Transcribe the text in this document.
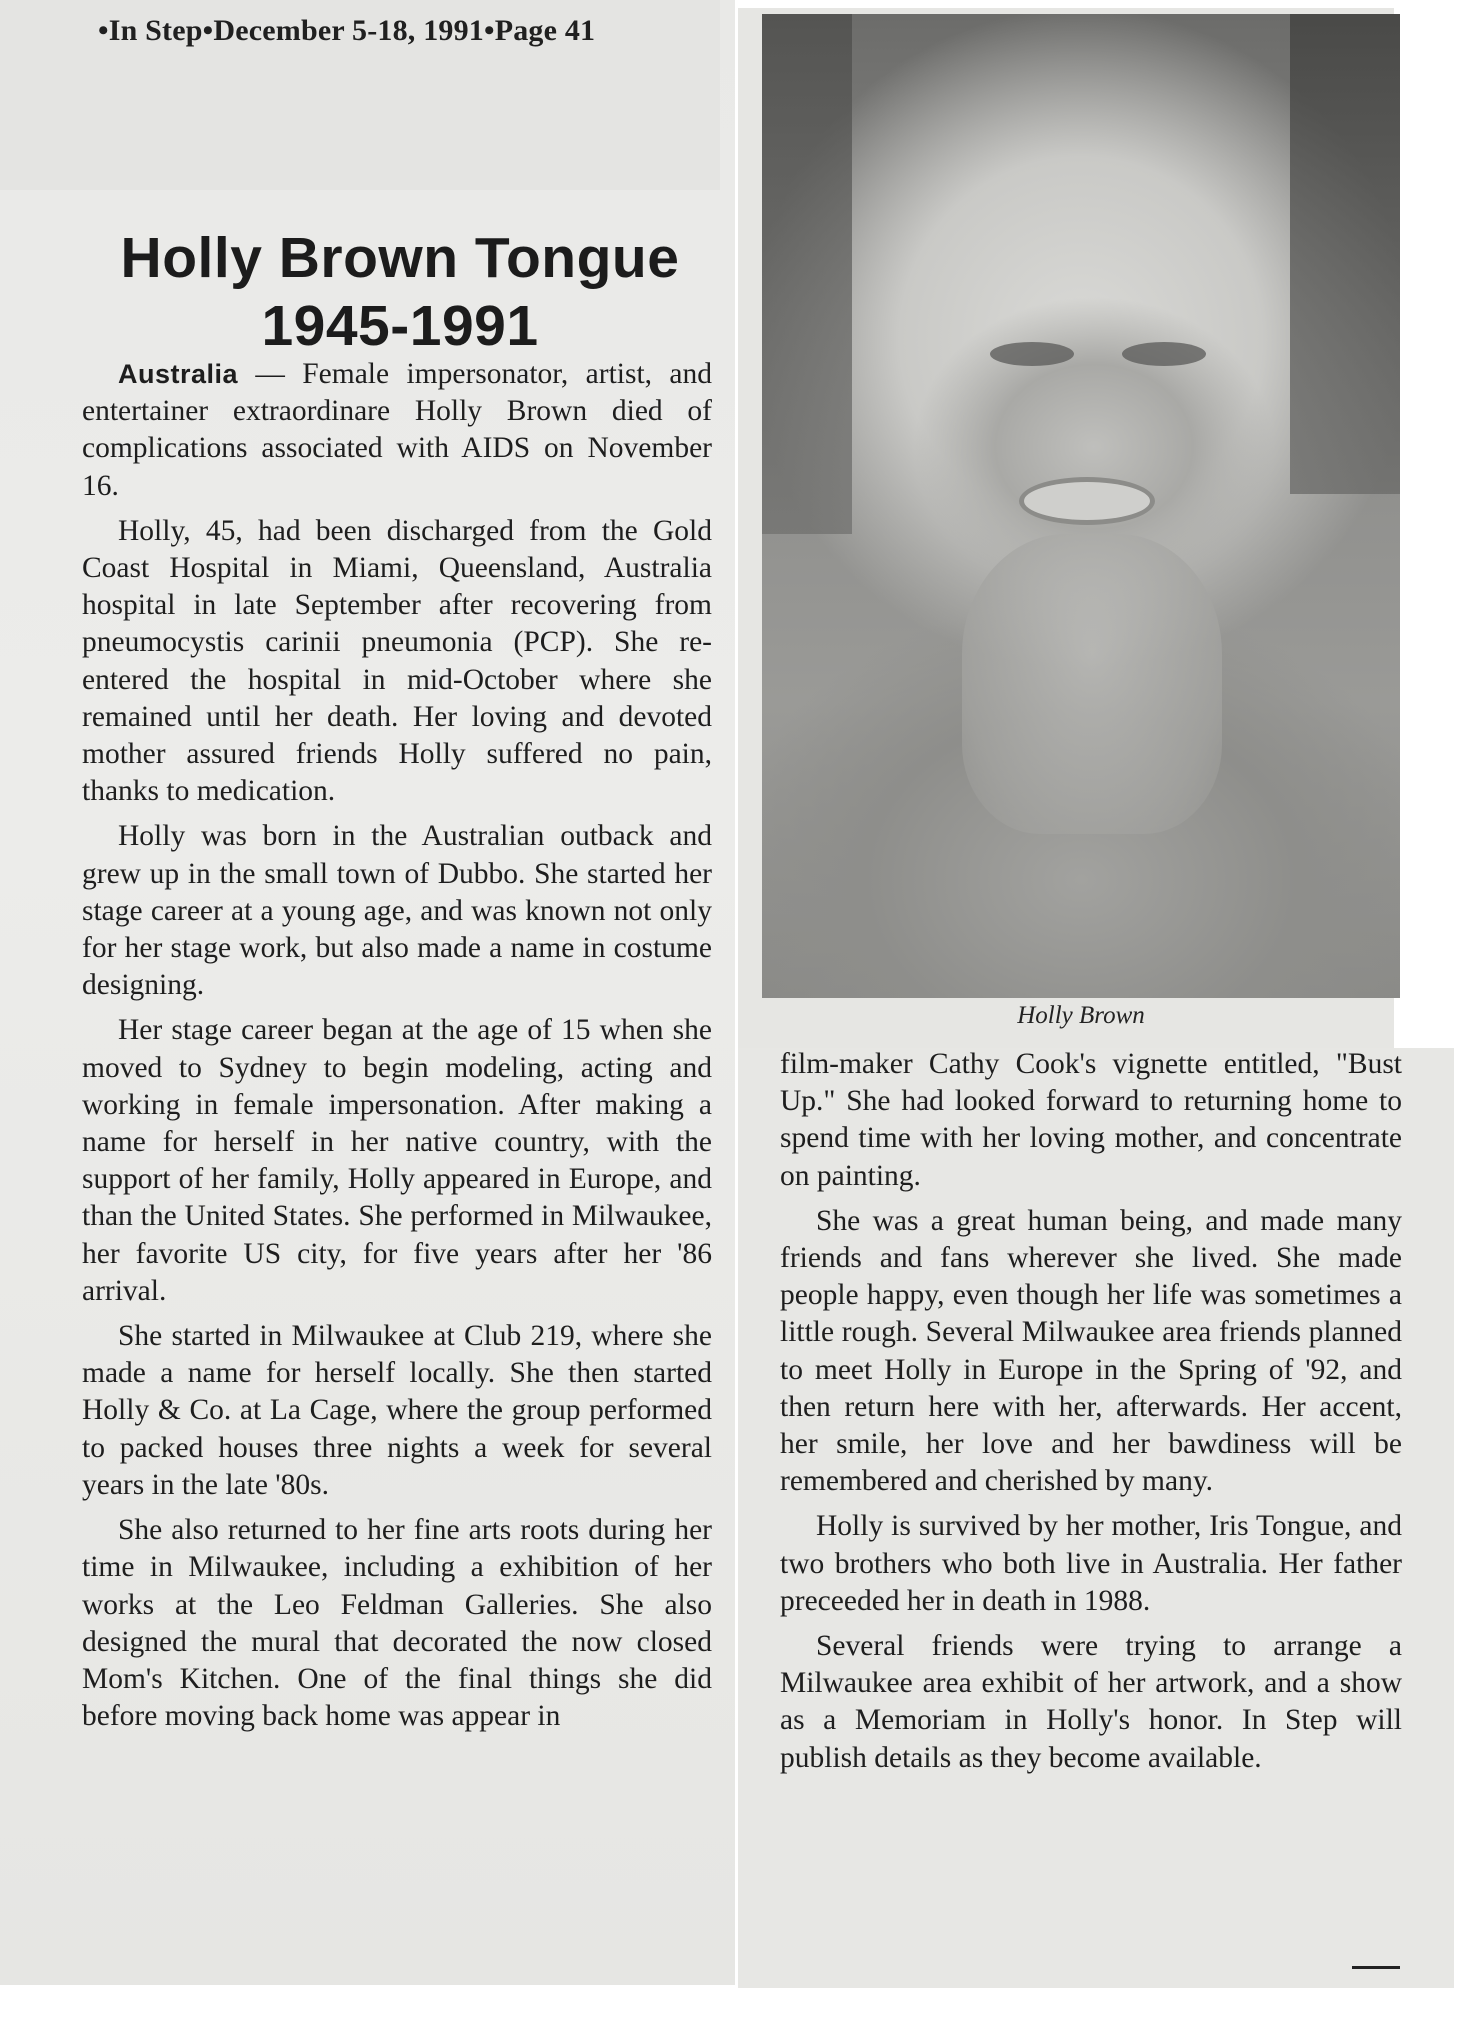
•In Step•December 5-18, 1991•Page 41
Holly Brown Tongue
1945-1991

Australia — Female impersonator, artist, and entertainer extraordinare Holly Brown died of complications associated with AIDS on November 16.

Holly, 45, had been discharged from the Gold Coast Hospital in Miami, Queensland, Australia hospital in late September after recovering from pneumocystis carinii pneumonia (PCP). She re-entered the hospital in mid-October where she remained until her death. Her loving and devoted mother assured friends Holly suffered no pain, thanks to medication.

Holly was born in the Australian outback and grew up in the small town of Dubbo. She started her stage career at a young age, and was known not only for her stage work, but also made a name in costume designing.

Her stage career began at the age of 15 when she moved to Sydney to begin modeling, acting and working in female impersonation. After making a name for herself in her native country, with the support of her family, Holly appeared in Europe, and than the United States. She performed in Milwaukee, her favorite US city, for five years after her '86 arrival.

She started in Milwaukee at Club 219, where she made a name for herself locally. She then started Holly & Co. at La Cage, where the group performed to packed houses three nights a week for several years in the late '80s.

She also returned to her fine arts roots during her time in Milwaukee, including a exhibition of her works at the Leo Feldman Galleries. She also designed the mural that decorated the now closed Mom's Kitchen. One of the final things she did before moving back home was appear in

Holly Brown

film-maker Cathy Cook's vignette entitled, "Bust Up." She had looked forward to returning home to spend time with her loving mother, and concentrate on painting.

She was a great human being, and made many friends and fans wherever she lived. She made people happy, even though her life was sometimes a little rough. Several Milwaukee area friends planned to meet Holly in Europe in the Spring of '92, and then return here with her, afterwards. Her accent, her smile, her love and her bawdiness will be remembered and cherished by many.

Holly is survived by her mother, Iris Tongue, and two brothers who both live in Australia. Her father preceeded her in death in 1988.

Several friends were trying to arrange a Milwaukee area exhibit of her artwork, and a show as a Memoriam in Holly's honor. In Step will publish details as they become available.
